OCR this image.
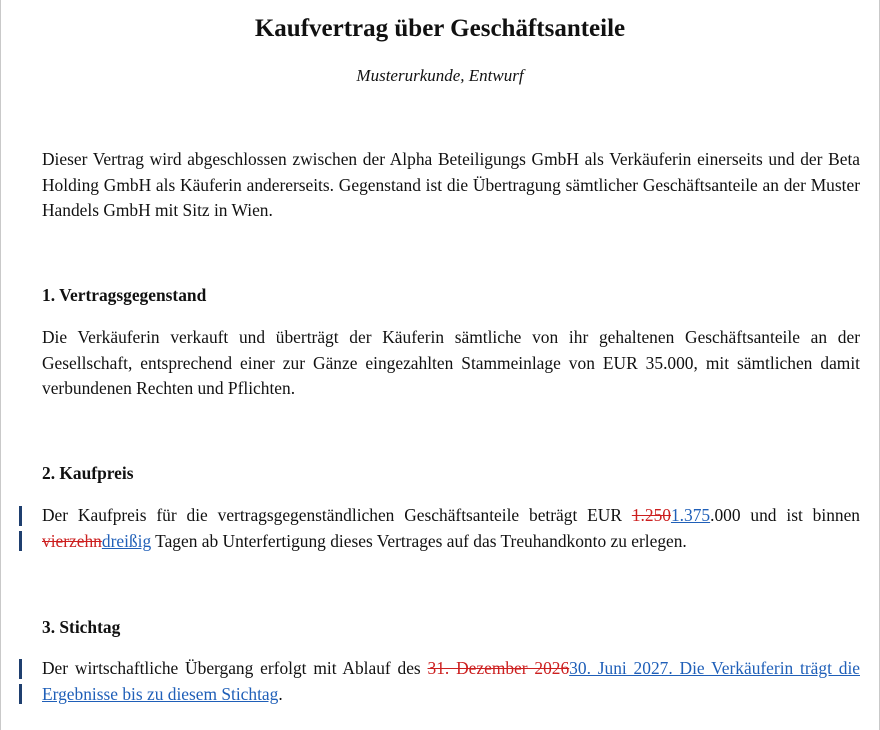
Kaufvertrag über Geschäftsanteile
Musterurkunde, Entwurf
Dieser Vertrag wird abgeschlossen zwischen der Alpha Beteiligungs GmbH als Verkäuferin einerseits und der Beta Holding GmbH als Käuferin andererseits. Gegenstand ist die Übertragung sämtlicher Geschäftsanteile an der Muster Handels GmbH mit Sitz in Wien.
1. Vertragsgegenstand
Die Verkäuferin verkauft und überträgt der Käuferin sämtliche von ihr gehaltenen Geschäftsanteile an der Gesellschaft, entsprechend einer zur Gänze eingezahlten Stammeinlage von EUR 35.000, mit sämtlichen damit verbundenen Rechten und Pflichten.
2. Kaufpreis
Der Kaufpreis für die vertragsgegenständlichen Geschäftsanteile beträgt EUR 1.2501.375.000 und ist binnen vierzehndreißig Tagen ab Unterfertigung dieses Vertrages auf das Treuhandkonto zu erlegen.
3. Stichtag
Der wirtschaftliche Übergang erfolgt mit Ablauf des 31. Dezember 202630. Juni 2027. Die Verkäuferin trägt die Ergebnisse bis zu diesem Stichtag.
